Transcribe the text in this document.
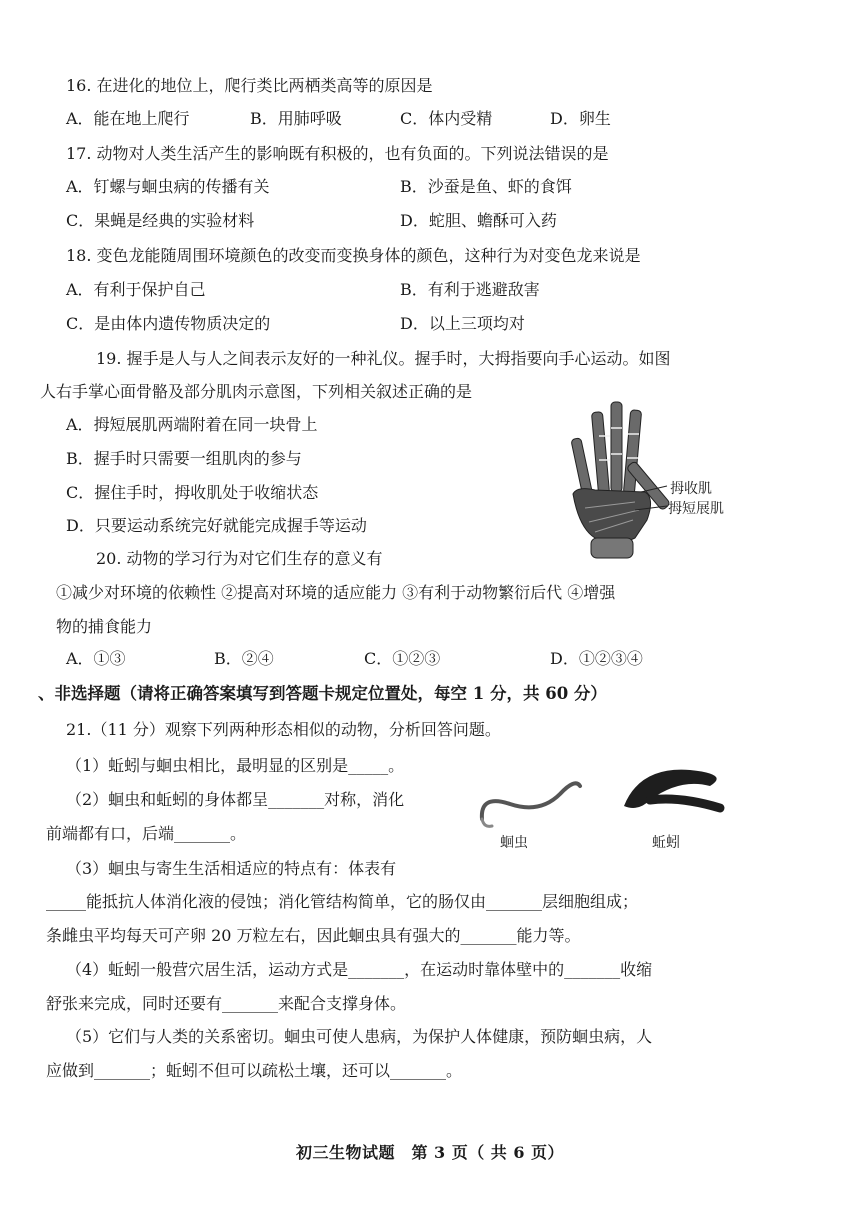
16. 在进化的地位上，爬行类比两栖类高等的原因是
A．能在地上爬行	B．用肺呼吸	C．体内受精	D．卵生
17. 动物对人类生活产生的影响既有积极的，也有负面的。下列说法错误的是
A．钉螺与蛔虫病的传播有关	B．沙蚕是鱼、虾的食饵
C．果蝇是经典的实验材料	D．蛇胆、蟾酥可入药
18. 变色龙能随周围环境颜色的改变而变换身体的颜色，这种行为对变色龙来说是
A．有利于保护自己	B．有利于逃避敌害
C．是由体内遗传物质决定的	D．以上三项均对
19. 握手是人与人之间表示友好的一种礼仪。握手时，大拇指要向手心运动。如图
人右手掌心面骨骼及部分肌肉示意图，下列相关叙述正确的是
A．拇短展肌两端附着在同一块骨上
B．握手时只需要一组肌肉的参与
C．握住手时，拇收肌处于收缩状态
D．只要运动系统完好就能完成握手等运动
拇收肌
拇短展肌
20. 动物的学习行为对它们生存的意义有
①减少对环境的依赖性 ②提高对环境的适应能力 ③有利于动物繁衍后代 ④增强
物的捕食能力
A．①③	B．②④	C．①②③	D．①②③④
、非选择题（请将正确答案填写到答题卡规定位置处，每空 1 分，共 60 分）
21.（11 分）观察下列两种形态相似的动物，分析回答问题。
（1）蚯蚓与蛔虫相比，最明显的区别是_____。
（2）蛔虫和蚯蚓的身体都呈_______对称，消化
前端都有口，后端_______。	蛔虫	蚯蚓
（3）蛔虫与寄生生活相适应的特点有：体表有
_____能抵抗人体消化液的侵蚀；消化管结构简单，它的肠仅由_______层细胞组成；
条雌虫平均每天可产卵 20 万粒左右，因此蛔虫具有强大的_______能力等。
（4）蚯蚓一般营穴居生活，运动方式是_______，在运动时靠体壁中的_______收缩
舒张来完成，同时还要有_______来配合支撑身体。
（5）它们与人类的关系密切。蛔虫可使人患病，为保护人体健康，预防蛔虫病，人
应做到_______；蚯蚓不但可以疏松土壤，还可以_______。
初三生物试题　第 3 页（ 共 6 页）
